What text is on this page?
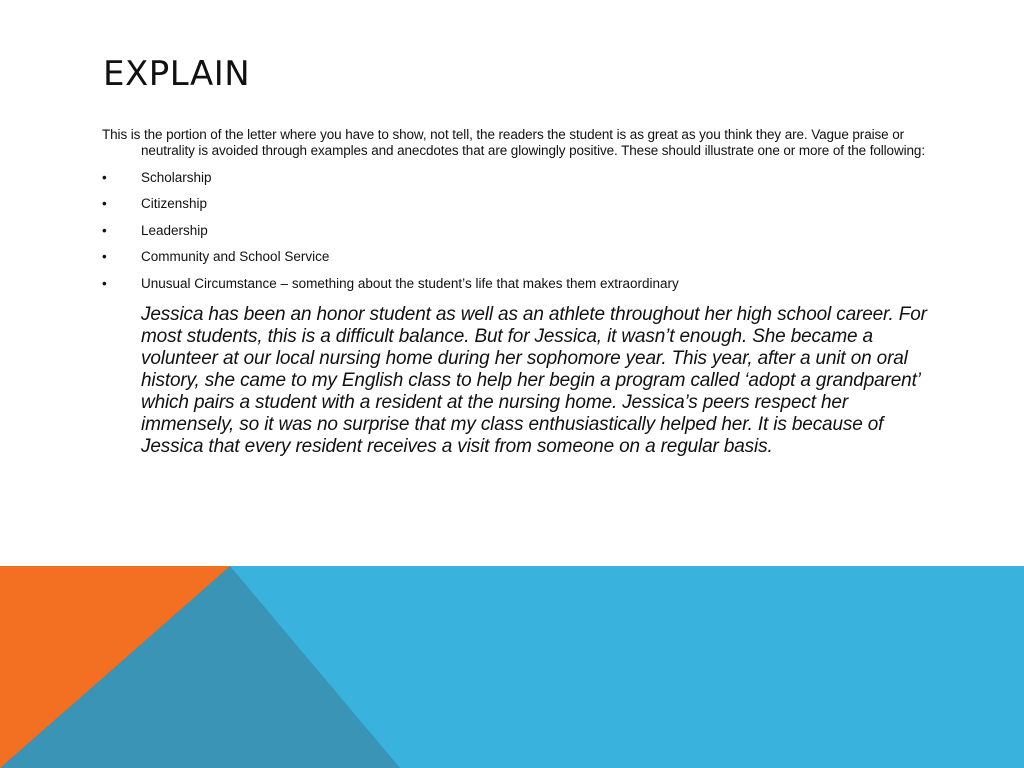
EXPLAIN

This is the portion of the letter where you have to show, not tell, the readers the student is as great as you think they are. Vague praise or neutrality is avoided through examples and anecdotes that are glowingly positive. These should illustrate one or more of the following:

•	Scholarship
•	Citizenship
•	Leadership
•	Community and School Service
•	Unusual Circumstance – something about the student’s life that makes them extraordinary

Jessica has been an honor student as well as an athlete throughout her high school career. For most students, this is a difficult balance. But for Jessica, it wasn’t enough. She became a volunteer at our local nursing home during her sophomore year. This year, after a unit on oral history, she came to my English class to help her begin a program called ‘adopt a grandparent’ which pairs a student with a resident at the nursing home. Jessica’s peers respect her immensely, so it was no surprise that my class enthusiastically helped her. It is because of Jessica that every resident receives a visit from someone on a regular basis.
